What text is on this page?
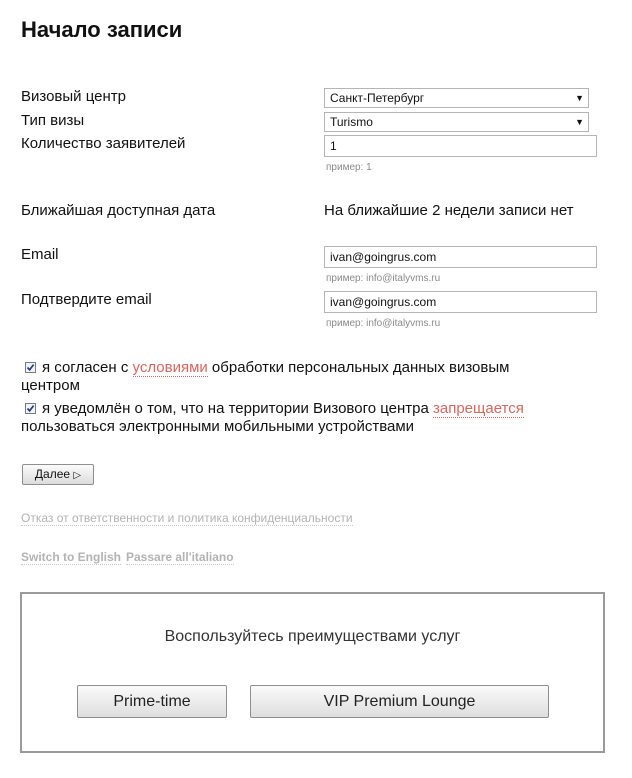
Начало записи
Визовый центр	Санкт-Петербург	▼
Тип визы	Turismo	▼
Количество заявителей	1
пример: 1
Ближайшая доступная дата	На ближайшие 2 недели записи нет
Email	ivan@goingrus.com
пример: info@italyvms.ru
Подтвердите email	ivan@goingrus.com
пример: info@italyvms.ru
я согласен с условиями обработки персональных данных визовым
центром
я уведомлён о том, что на территории Визового центра запрещается
пользоваться электронными мобильными устройствами
Далее ▷
Отказ от ответственности и политика конфиденциальности
Switch to English Passare all'italiano
Воспользуйтесь преимуществами услуг
Prime-time	VIP Premium Lounge
